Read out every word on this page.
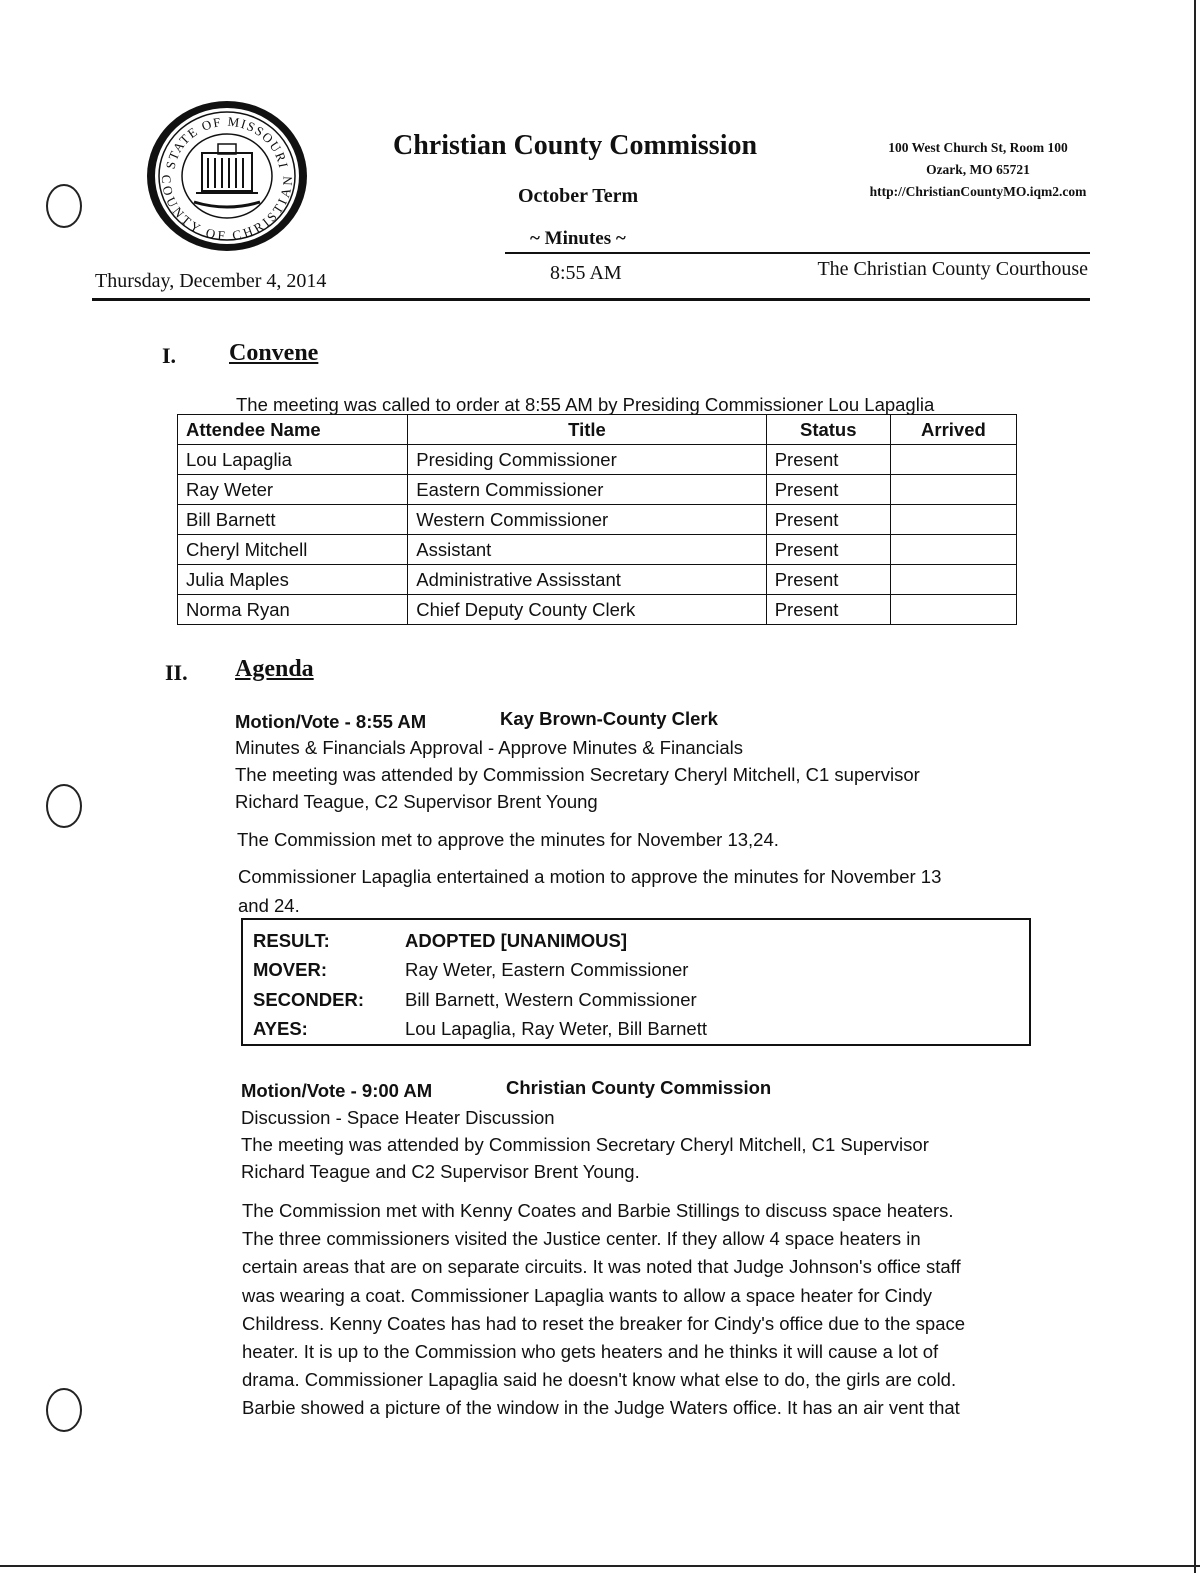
STATE OF MISSOURI
COUNTY OF CHRISTIAN
Christian County Commission
October Term
~ Minutes ~
100 West Church St, Room 100
Ozark, MO 65721
http://ChristianCountyMO.iqm2.com
Thursday, December 4, 2014	8:55 AM	The Christian County Courthouse
I. Convene
The meeting was called to order at 8:55 AM by Presiding Commissioner Lou Lapaglia
Attendee Name	Title	Status	Arrived
Lou Lapaglia	Presiding Commissioner	Present	
Ray Weter	Eastern Commissioner	Present	
Bill Barnett	Western Commissioner	Present	
Cheryl Mitchell	Assistant	Present	
Julia Maples	Administrative Assisstant	Present	
Norma Ryan	Chief Deputy County Clerk	Present	
II. Agenda
Motion/Vote - 8:55 AM	Kay Brown-County Clerk
Minutes & Financials Approval - Approve Minutes & Financials
The meeting was attended by Commission Secretary Cheryl Mitchell, C1 supervisor
Richard Teague, C2 Supervisor Brent Young
The Commission met to approve the minutes for November 13,24.
Commissioner Lapaglia entertained a motion to approve the minutes for November 13
and 24.
RESULT:	ADOPTED [UNANIMOUS]
MOVER:	Ray Weter, Eastern Commissioner
SECONDER:	Bill Barnett, Western Commissioner
AYES:	Lou Lapaglia, Ray Weter, Bill Barnett
Motion/Vote - 9:00 AM	Christian County Commission
Discussion - Space Heater Discussion
The meeting was attended by Commission Secretary Cheryl Mitchell, C1 Supervisor
Richard Teague and C2 Supervisor Brent Young.
The Commission met with Kenny Coates and Barbie Stillings to discuss space heaters.
The three commissioners visited the Justice center. If they allow 4 space heaters in
certain areas that are on separate circuits. It was noted that Judge Johnson's office staff
was wearing a coat. Commissioner Lapaglia wants to allow a space heater for Cindy
Childress. Kenny Coates has had to reset the breaker for Cindy's office due to the space
heater. It is up to the Commission who gets heaters and he thinks it will cause a lot of
drama. Commissioner Lapaglia said he doesn't know what else to do, the girls are cold.
Barbie showed a picture of the window in the Judge Waters office. It has an air vent that
